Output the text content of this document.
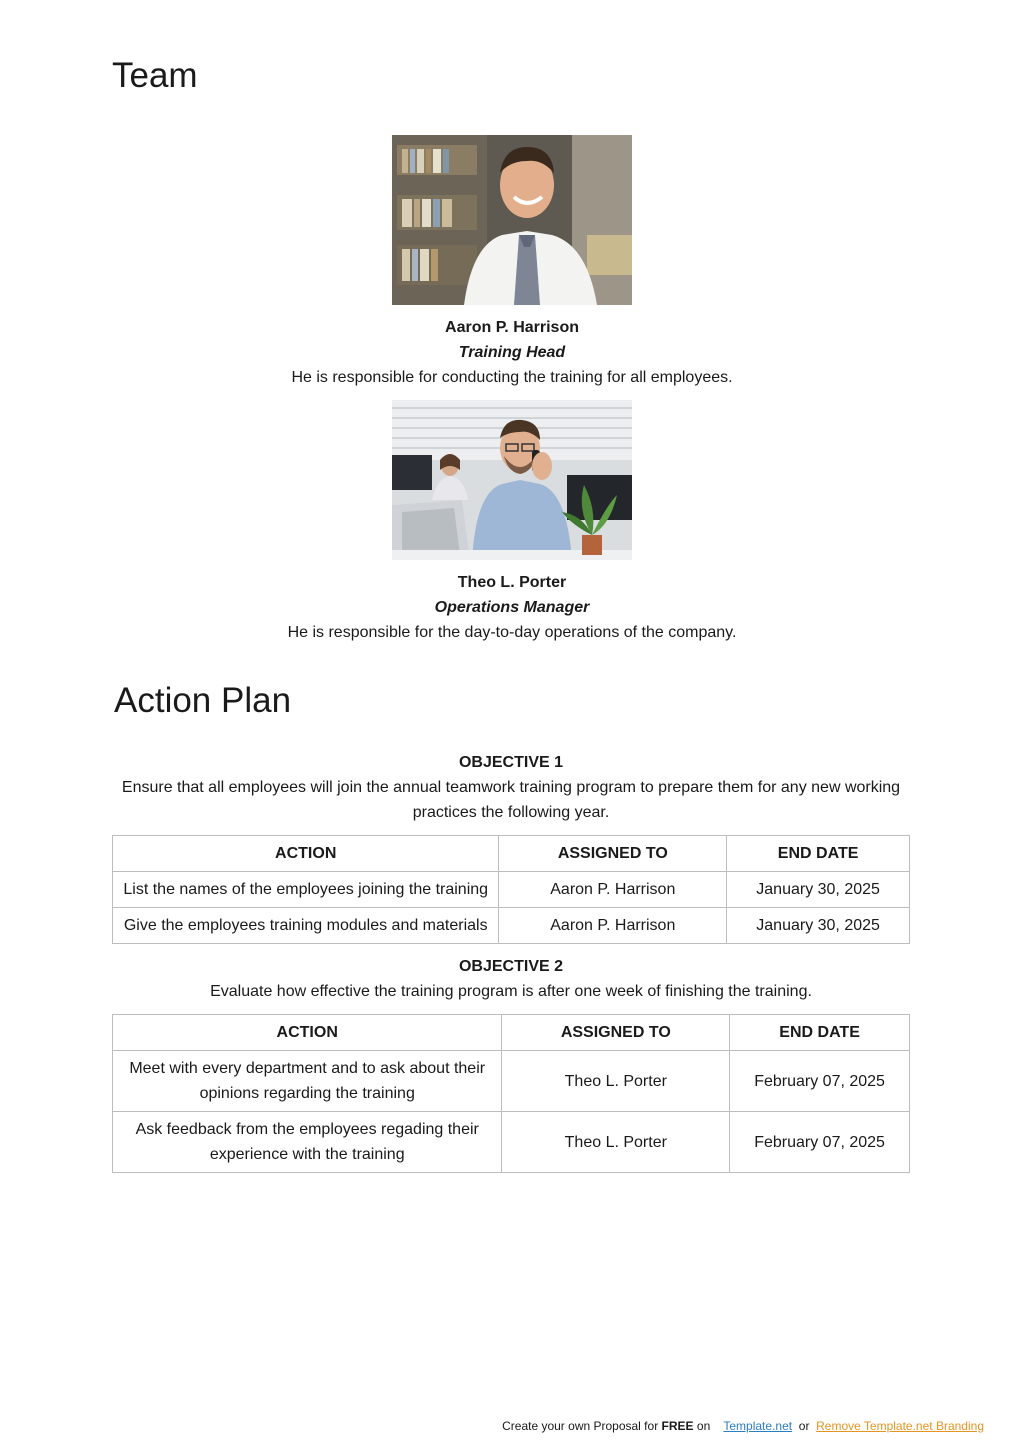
Team
Aaron P. Harrison
Training Head
He is responsible for conducting the training for all employees.
Theo L. Porter
Operations Manager
He is responsible for the day-to-day operations of the company.
Action Plan
OBJECTIVE 1
Ensure that all employees will join the annual teamwork training program to prepare them for any new working practices the following year.
ACTION	ASSIGNED TO	END DATE
List the names of the employees joining the training	Aaron P. Harrison	January 30, 2025
Give the employees training modules and materials	Aaron P. Harrison	January 30, 2025
OBJECTIVE 2
Evaluate how effective the training program is after one week of finishing the training.
ACTION	ASSIGNED TO	END DATE
Meet with every department and to ask about their opinions regarding the training	Theo L. Porter	February 07, 2025
Ask feedback from the employees regading their experience with the training	Theo L. Porter	February 07, 2025
Create your own Proposal for FREE on Template.net or Remove Template.net Branding
